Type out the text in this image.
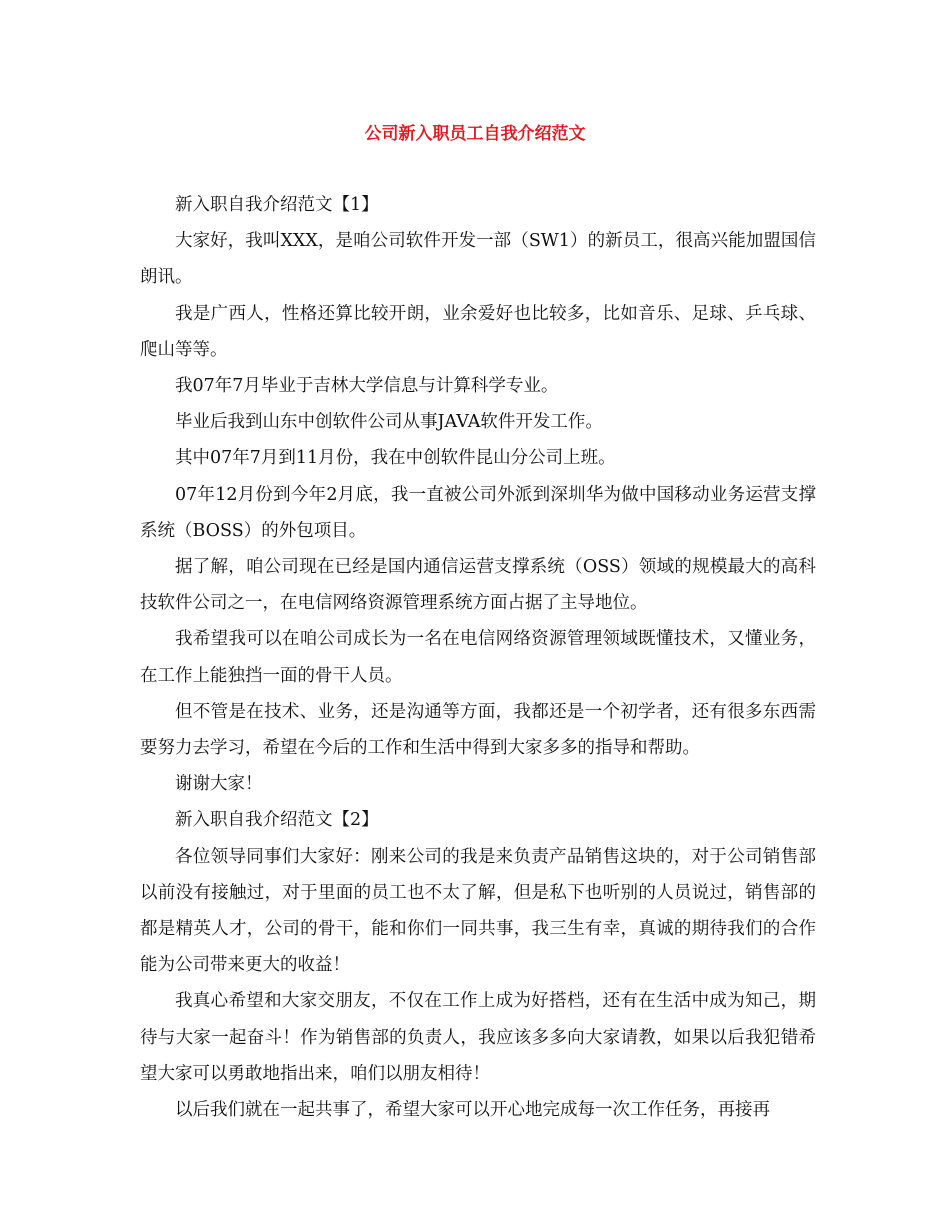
公司新入职员工自我介绍范文

新入职自我介绍范文【1】

大家好，我叫XXX，是咱公司软件开发一部（SW1）的新员工，很高兴能加盟国信朗讯。

我是广西人，性格还算比较开朗，业余爱好也比较多，比如音乐、足球、乒乓球、爬山等等。

我07年7月毕业于吉林大学信息与计算科学专业。

毕业后我到山东中创软件公司从事JAVA软件开发工作。

其中07年7月到11月份，我在中创软件昆山分公司上班。

07年12月份到今年2月底，我一直被公司外派到深圳华为做中国移动业务运营支撑系统（BOSS）的外包项目。

据了解，咱公司现在已经是国内通信运营支撑系统（OSS）领域的规模最大的高科技软件公司之一，在电信网络资源管理系统方面占据了主导地位。

我希望我可以在咱公司成长为一名在电信网络资源管理领域既懂技术，又懂业务，在工作上能独挡一面的骨干人员。

但不管是在技术、业务，还是沟通等方面，我都还是一个初学者，还有很多东西需要努力去学习，希望在今后的工作和生活中得到大家多多的指导和帮助。

谢谢大家！

新入职自我介绍范文【2】

各位领导同事们大家好：刚来公司的我是来负责产品销售这块的，对于公司销售部以前没有接触过，对于里面的员工也不太了解，但是私下也听别的人员说过，销售部的都是精英人才，公司的骨干，能和你们一同共事，我三生有幸，真诚的期待我们的合作能为公司带来更大的收益！

我真心希望和大家交朋友，不仅在工作上成为好搭档，还有在生活中成为知己，期待与大家一起奋斗！作为销售部的负责人，我应该多多向大家请教，如果以后我犯错希望大家可以勇敢地指出来，咱们以朋友相待！

以后我们就在一起共事了，希望大家可以开心地完成每一次工作任务，再接再
